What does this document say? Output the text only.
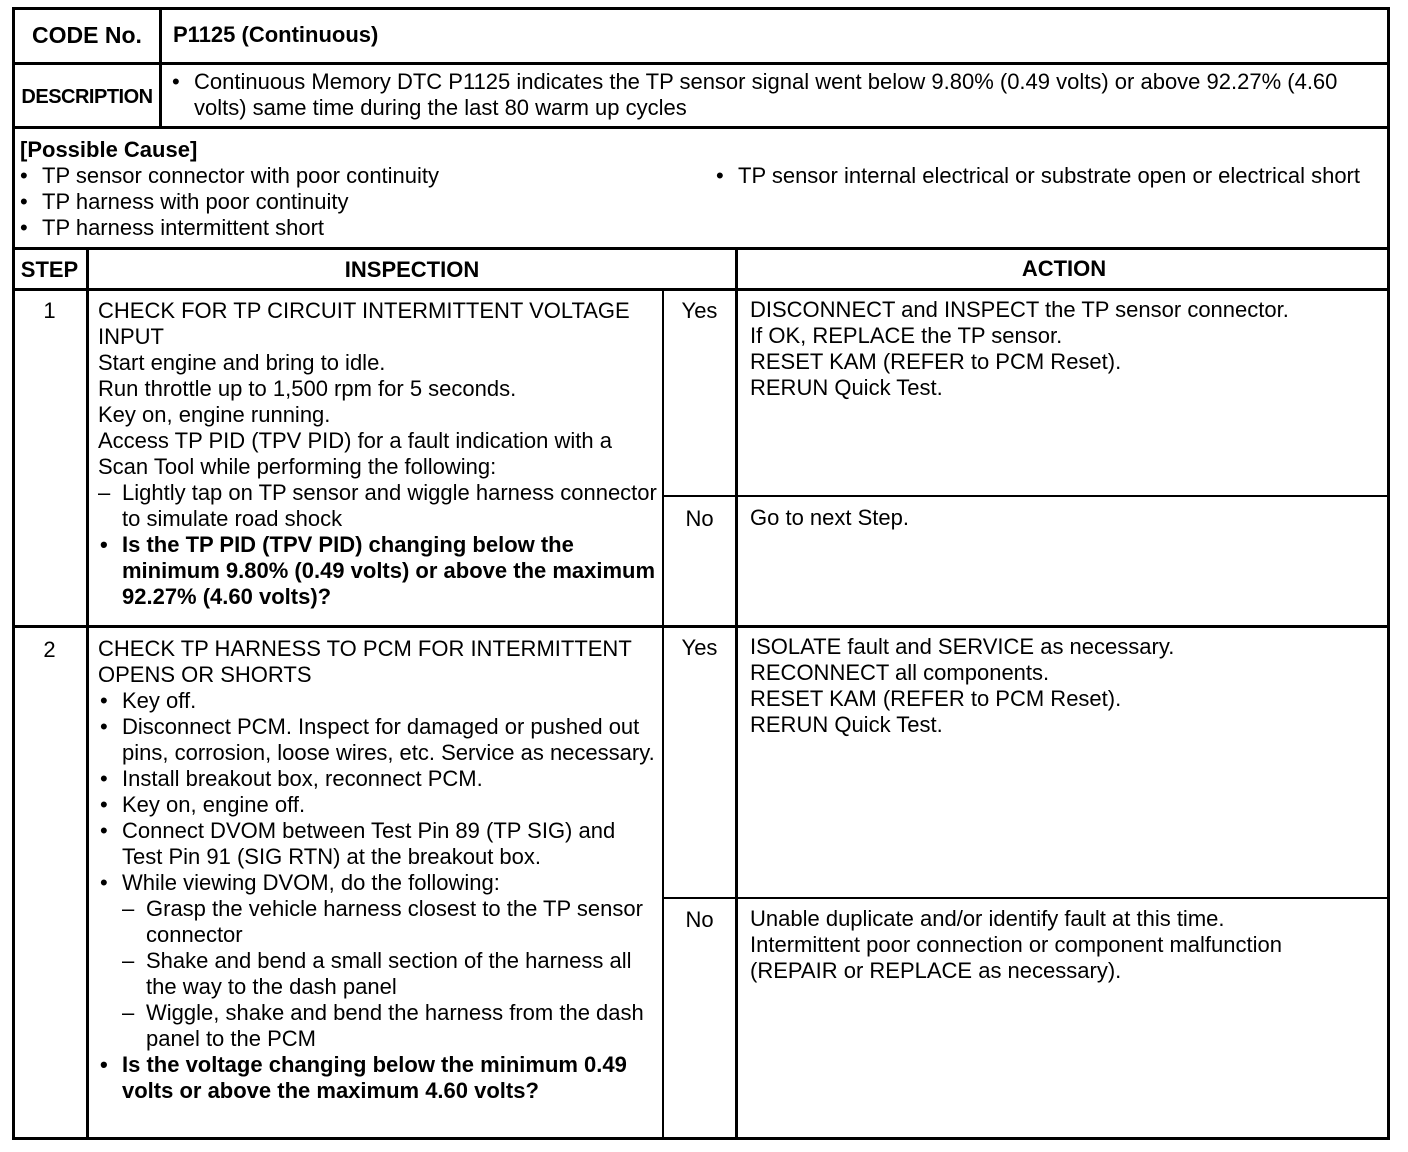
CODE No.	P1125 (Continuous)
DESCRIPTION
• Continuous Memory DTC P1125 indicates the TP sensor signal went below 9.80% (0.49 volts) or above 92.27% (4.60 volts) same time during the last 80 warm up cycles
[Possible Cause]
• TP sensor connector with poor continuity
• TP harness with poor continuity
• TP harness intermittent short
• TP sensor internal electrical or substrate open or electrical short
STEP	INSPECTION	ACTION
1	CHECK FOR TP CIRCUIT INTERMITTENT VOLTAGE INPUT
Start engine and bring to idle.
Run throttle up to 1,500 rpm for 5 seconds.
Key on, engine running.
Access TP PID (TPV PID) for a fault indication with a Scan Tool while performing the following:
– Lightly tap on TP sensor and wiggle harness connector to simulate road shock
• Is the TP PID (TPV PID) changing below the minimum 9.80% (0.49 volts) or above the maximum 92.27% (4.60 volts)?
Yes	DISCONNECT and INSPECT the TP sensor connector.
If OK, REPLACE the TP sensor.
RESET KAM (REFER to PCM Reset).
RERUN Quick Test.
No	Go to next Step.
2	CHECK TP HARNESS TO PCM FOR INTERMITTENT OPENS OR SHORTS
• Key off.
• Disconnect PCM. Inspect for damaged or pushed out pins, corrosion, loose wires, etc. Service as necessary.
• Install breakout box, reconnect PCM.
• Key on, engine off.
• Connect DVOM between Test Pin 89 (TP SIG) and Test Pin 91 (SIG RTN) at the breakout box.
• While viewing DVOM, do the following:
– Grasp the vehicle harness closest to the TP sensor connector
– Shake and bend a small section of the harness all the way to the dash panel
– Wiggle, shake and bend the harness from the dash panel to the PCM
• Is the voltage changing below the minimum 0.49 volts or above the maximum 4.60 volts?
Yes	ISOLATE fault and SERVICE as necessary.
RECONNECT all components.
RESET KAM (REFER to PCM Reset).
RERUN Quick Test.
No	Unable duplicate and/or identify fault at this time.
Intermittent poor connection or component malfunction
(REPAIR or REPLACE as necessary).
